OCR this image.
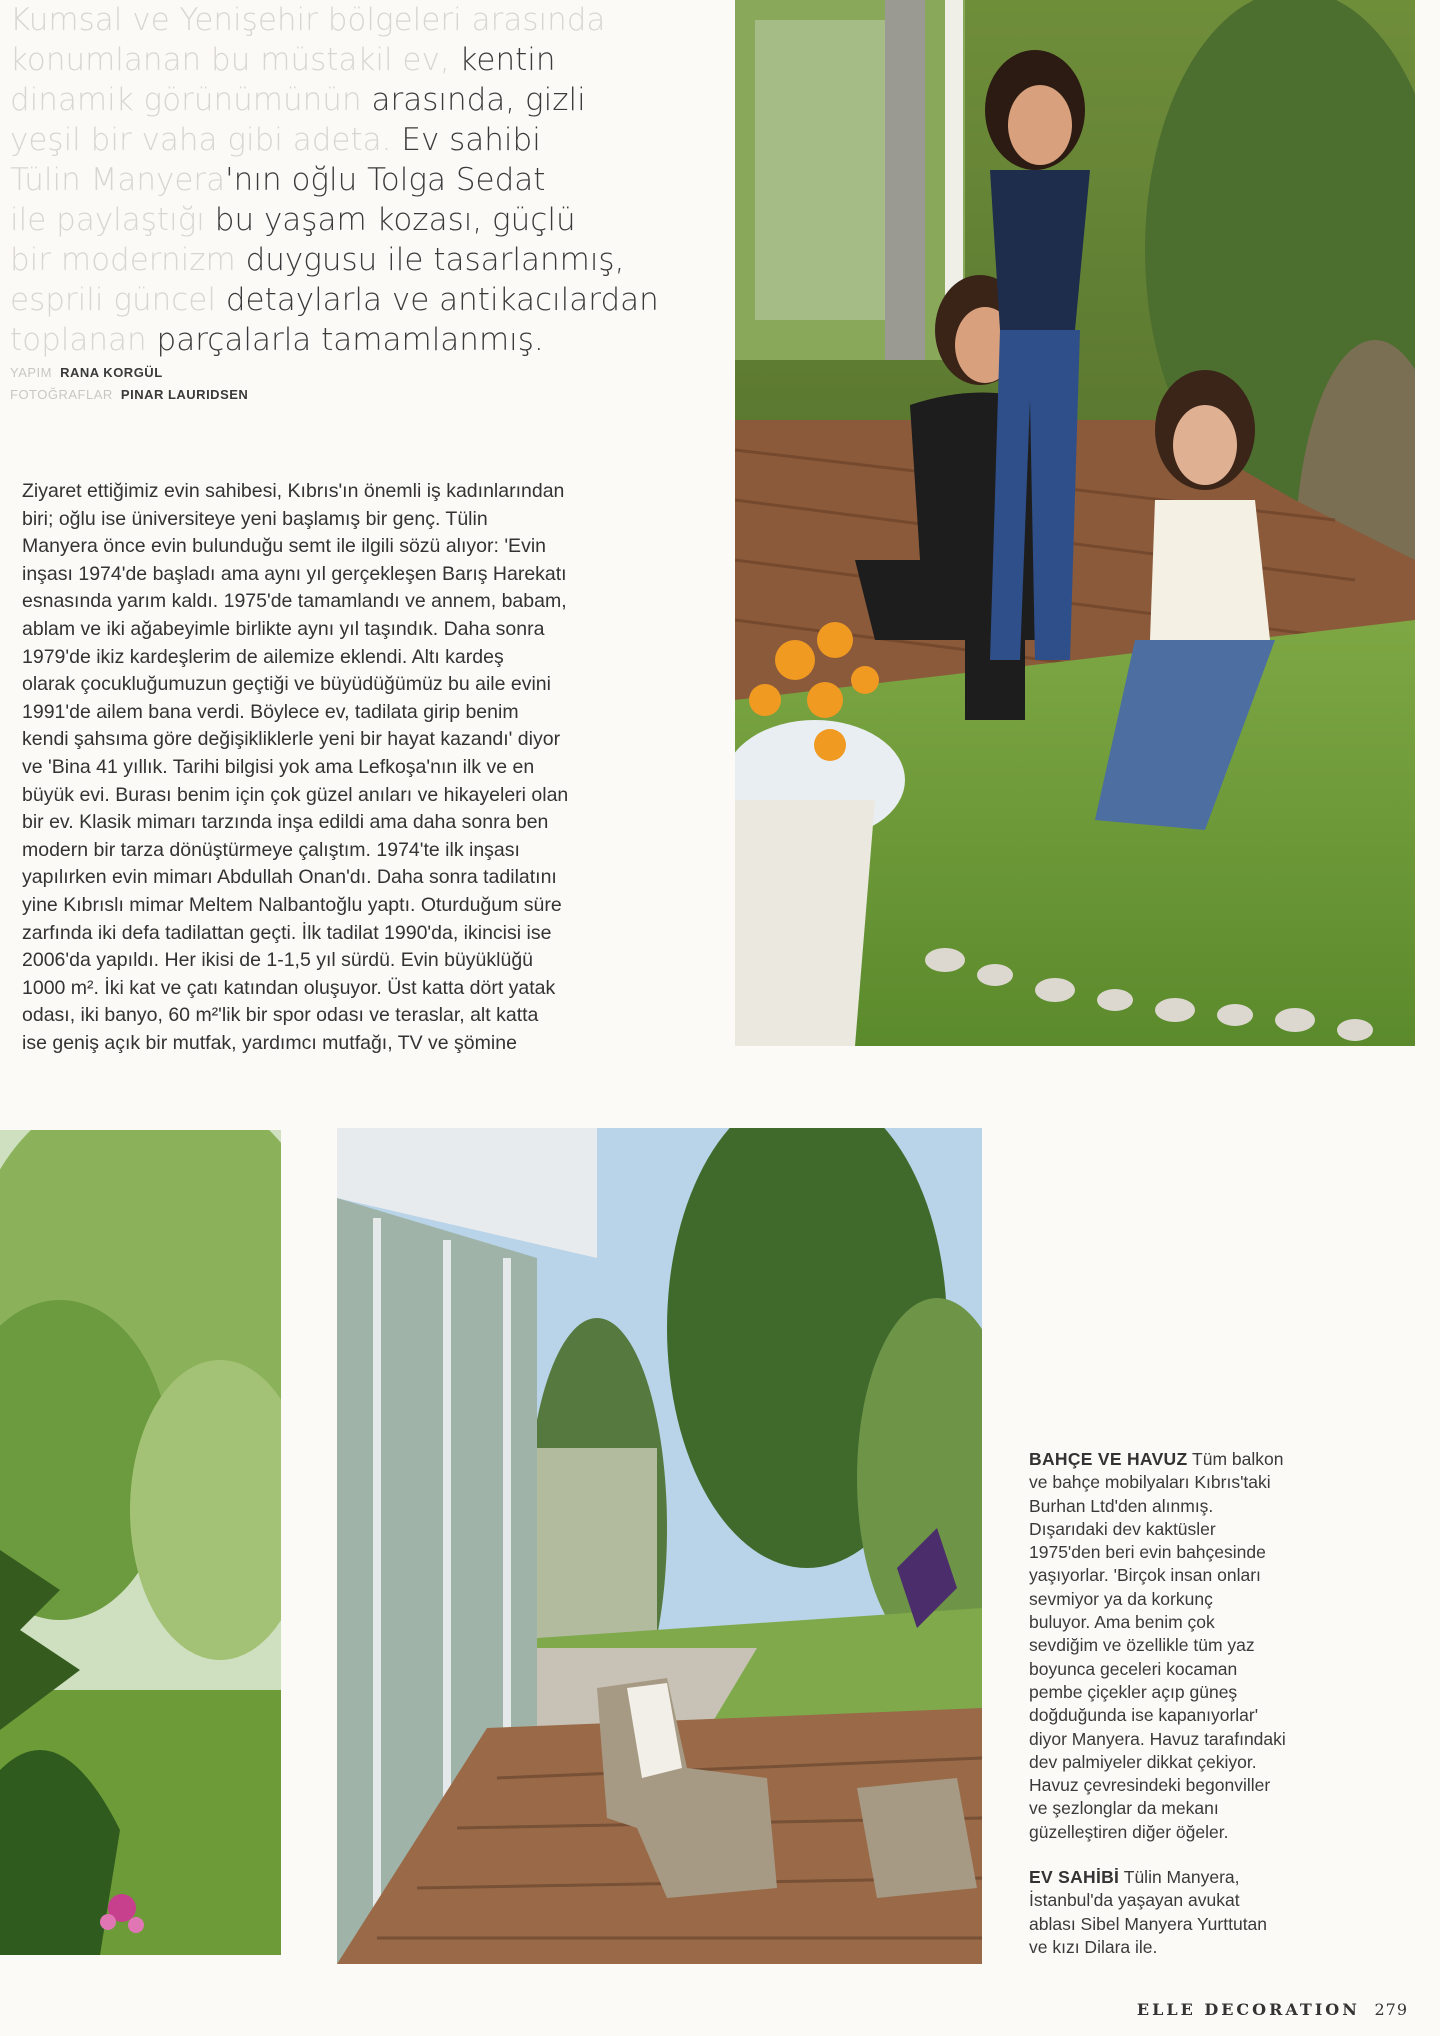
Kumsal ve Yenişehir bölgeleri arasında
konumlanan bu müstakil ev, kentin
dinamik görünümünün arasında, gizli
yeşil bir vaha gibi adeta. Ev sahibi
Tülin Manyera'nın oğlu Tolga Sedat
ile paylaştığı bu yaşam kozası, güçlü
bir modernizm duygusu ile tasarlanmış,
esprili güncel detaylarla ve antikacılardan
toplanan parçalarla tamamlanmış.
YAPIM RANA KORGÜL
FOTOĞRAFLAR PINAR LAURIDSEN
Ziyaret ettiğimiz evin sahibesi, Kıbrıs'ın önemli iş kadınlarından
biri; oğlu ise üniversiteye yeni başlamış bir genç. Tülin
Manyera önce evin bulunduğu semt ile ilgili sözü alıyor: 'Evin
inşası 1974'de başladı ama aynı yıl gerçekleşen Barış Harekatı
esnasında yarım kaldı. 1975'de tamamlandı ve annem, babam,
ablam ve iki ağabeyimle birlikte aynı yıl taşındık. Daha sonra
1979'de ikiz kardeşlerim de ailemize eklendi. Altı kardeş
olarak çocukluğumuzun geçtiği ve büyüdüğümüz bu aile evini
1991'de ailem bana verdi. Böylece ev, tadilata girip benim
kendi şahsıma göre değişikliklerle yeni bir hayat kazandı' diyor
ve 'Bina 41 yıllık. Tarihi bilgisi yok ama Lefkoşa'nın ilk ve en
büyük evi. Burası benim için çok güzel anıları ve hikayeleri olan
bir ev. Klasik mimarı tarzında inşa edildi ama daha sonra ben
modern bir tarza dönüştürmeye çalıştım. 1974'te ilk inşası
yapılırken evin mimarı Abdullah Onan'dı. Daha sonra tadilatını
yine Kıbrıslı mimar Meltem Nalbantoğlu yaptı. Oturduğum süre
zarfında iki defa tadilattan geçti. İlk tadilat 1990'da, ikincisi ise
2006'da yapıldı. Her ikisi de 1-1,5 yıl sürdü. Evin büyüklüğü
1000 m². İki kat ve çatı katından oluşuyor. Üst katta dört yatak
odası, iki banyo, 60 m²'lik bir spor odası ve teraslar, alt katta
ise geniş açık bir mutfak, yardımcı mutfağı, TV ve şömine
BAHÇE VE HAVUZ Tüm balkon
ve bahçe mobilyaları Kıbrıs'taki
Burhan Ltd'den alınmış.
Dışarıdaki dev kaktüsler
1975'den beri evin bahçesinde
yaşıyorlar. 'Birçok insan onları
sevmiyor ya da korkunç
buluyor. Ama benim çok
sevdiğim ve özellikle tüm yaz
boyunca geceleri kocaman
pembe çiçekler açıp güneş
doğduğunda ise kapanıyorlar'
diyor Manyera. Havuz tarafındaki
dev palmiyeler dikkat çekiyor.
Havuz çevresindeki begonviller
ve şezlonglar da mekanı
güzelleştiren diğer öğeler.
EV SAHİBİ Tülin Manyera,
İstanbul'da yaşayan avukat
ablası Sibel Manyera Yurttutan
ve kızı Dilara ile.
ELLE DECORATION 279
